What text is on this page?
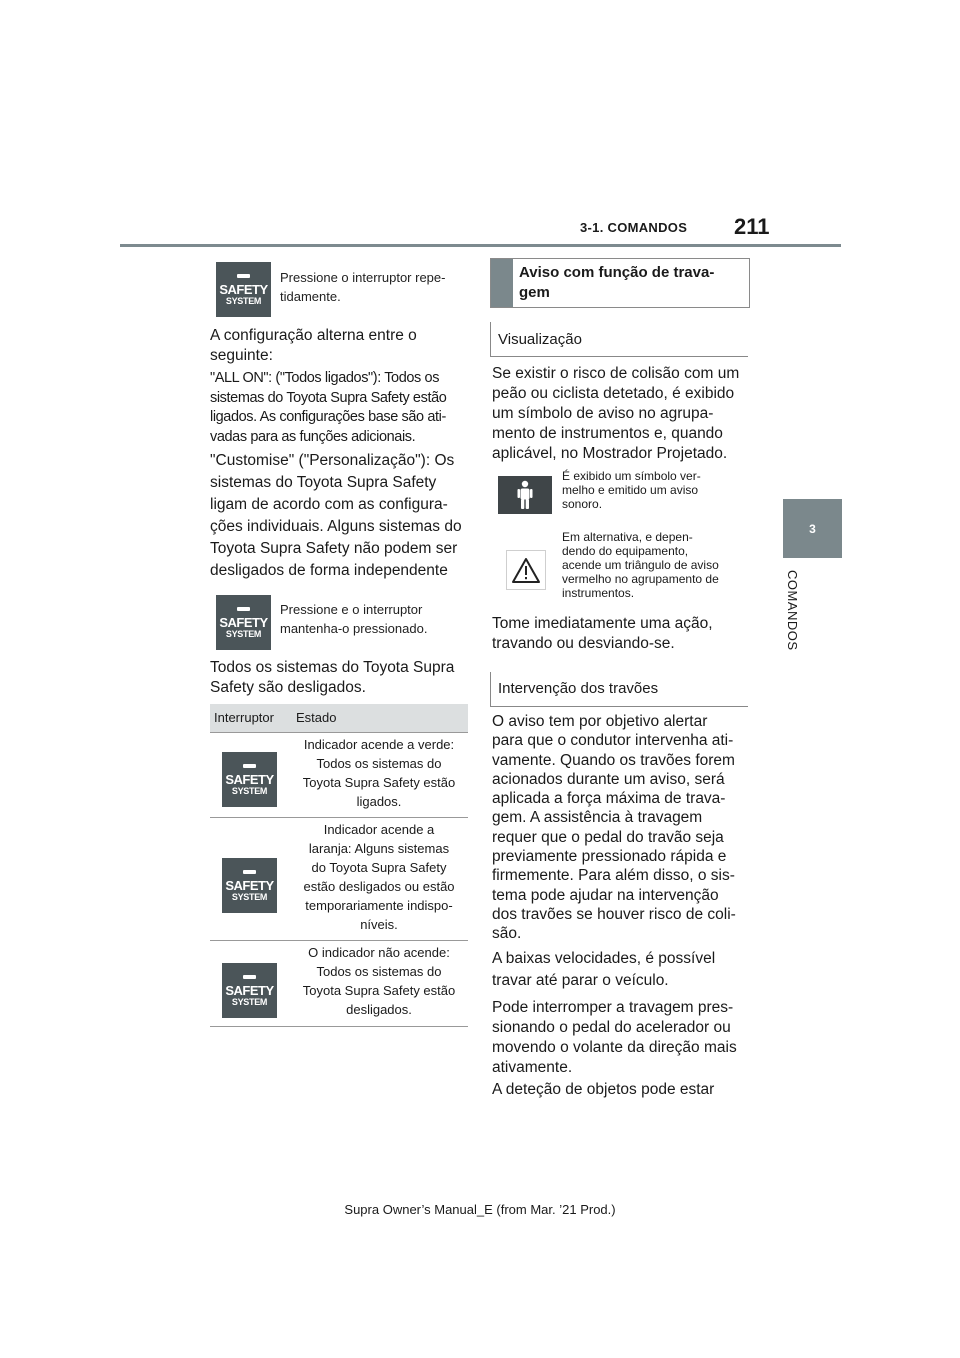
3-1. COMANDOS 211
3
COMANDOS
SAFETY
SYSTEM
Pressione o interruptor repe-tidamente.
A configuração alterna entre o
seguinte:
"ALL ON": ("Todos ligados"): Todos os
sistemas do Toyota Supra Safety estão
ligados. As configurações base são ati-
vadas para as funções adicionais.
"Customise" ("Personalização"): Os
sistemas do Toyota Supra Safety
ligam de acordo com as configura-
ções individuais. Alguns sistemas do
Toyota Supra Safety não podem ser
desligados de forma independente
SAFETY
SYSTEM
Pressione e o interruptor
mantenha-o pressionado.
Todos os sistemas do Toyota Supra
Safety são desligados.
Interruptor Estado
SAFETY
SYSTEM
Indicador acende a verde:
Todos os sistemas do
Toyota Supra Safety estão
ligados.
SAFETY
SYSTEM
Indicador acende a
laranja: Alguns sistemas
do Toyota Supra Safety
estão desligados ou estão
temporariamente indispo-
níveis.
SAFETY
SYSTEM
O indicador não acende:
Todos os sistemas do
Toyota Supra Safety estão
desligados.
Aviso com função de trava-
gem
Visualização
Se existir o risco de colisão com um
peão ou ciclista detetado, é exibido
um símbolo de aviso no agrupa-
mento de instrumentos e, quando
aplicável, no Mostrador Projetado.
É exibido um símbolo ver-
melho e emitido um aviso
sonoro.
Em alternativa, e depen-
dendo do equipamento,
acende um triângulo de aviso
vermelho no agrupamento de
instrumentos.
Tome imediatamente uma ação,
travando ou desviando-se.
Intervenção dos travões
O aviso tem por objetivo alertar
para que o condutor intervenha ati-
vamente. Quando os travões forem
acionados durante um aviso, será
aplicada a força máxima de trava-
gem. A assistência à travagem
requer que o pedal do travão seja
previamente pressionado rápida e
firmemente. Para além disso, o sis-
tema pode ajudar na intervenção
dos travões se houver risco de coli-
são.
A baixas velocidades, é possível
travar até parar o veículo.
Pode interromper a travagem pres-
sionando o pedal do acelerador ou
movendo o volante da direção mais
ativamente.
A deteção de objetos pode estar
Supra Owner’s Manual_E (from Mar. ’21 Prod.)
